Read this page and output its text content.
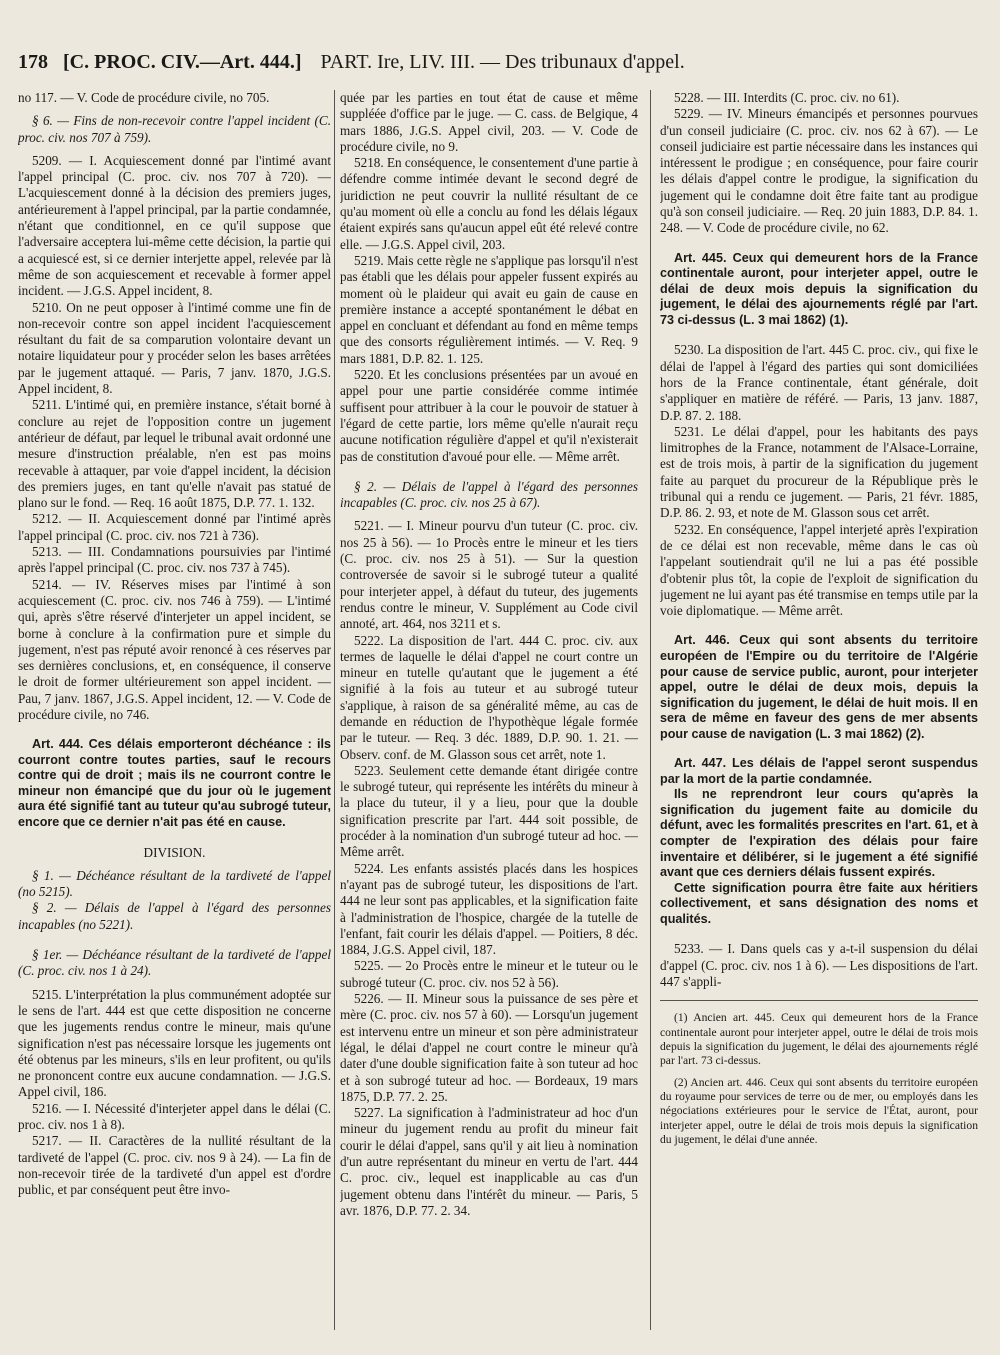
178 [C. PROC. CIV.—Art. 444.] PART. Ire, LIV. III. — Des tribunaux d'appel.

no 117. — V. Code de procédure civile, no 705.

§ 6. — Fins de non-recevoir contre l'appel incident (C. proc. civ. nos 707 à 759).

5209. — I. Acquiescement donné par l'intimé avant l'appel principal (C. proc. civ. nos 707 à 720). — L'acquiescement donné à la décision des premiers juges, antérieurement à l'appel principal, par la partie condamnée, n'étant que conditionnel, en ce qu'il suppose que l'adversaire acceptera lui-même cette décision, la partie qui a acquiescé est, si ce dernier interjette appel, relevée par là même de son acquiescement et recevable à former appel incident. — J.G.S. Appel incident, 8.

5210. On ne peut opposer à l'intimé comme une fin de non-recevoir contre son appel incident l'acquiescement résultant du fait de sa comparution volontaire devant un notaire liquidateur pour y procéder selon les bases arrêtées par le jugement attaqué. — Paris, 7 janv. 1870, J.G.S. Appel incident, 8.

5211. L'intimé qui, en première instance, s'était borné à conclure au rejet de l'opposition contre un jugement antérieur de défaut, par lequel le tribunal avait ordonné une mesure d'instruction préalable, n'en est pas moins recevable à attaquer, par voie d'appel incident, la décision des premiers juges, en tant qu'elle n'avait pas statué de plano sur le fond. — Req. 16 août 1875, D.P. 77. 1. 132.

5212. — II. Acquiescement donné par l'intimé après l'appel principal (C. proc. civ. nos 721 à 736).

5213. — III. Condamnations poursuivies par l'intimé après l'appel principal (C. proc. civ. nos 737 à 745).

5214. — IV. Réserves mises par l'intimé à son acquiescement (C. proc. civ. nos 746 à 759). — L'intimé qui, après s'être réservé d'interjeter un appel incident, se borne à conclure à la confirmation pure et simple du jugement, n'est pas réputé avoir renoncé à ces réserves par ses dernières conclusions, et, en conséquence, il conserve le droit de former ultérieurement son appel incident. — Pau, 7 janv. 1867, J.G.S. Appel incident, 12. — V. Code de procédure civile, no 746.

Art. 444. Ces délais emporteront déchéance : ils courront contre toutes parties, sauf le recours contre qui de droit ; mais ils ne courront contre le mineur non émancipé que du jour où le jugement aura été signifié tant au tuteur qu'au subrogé tuteur, encore que ce dernier n'ait pas été en cause.

DIVISION.

§ 1. — Déchéance résultant de la tardiveté de l'appel (no 5215).

§ 2. — Délais de l'appel à l'égard des personnes incapables (no 5221).

§ 1er. — Déchéance résultant de la tardiveté de l'appel (C. proc. civ. nos 1 à 24).

5215. L'interprétation la plus communément adoptée sur le sens de l'art. 444 est que cette disposition ne concerne que les jugements rendus contre le mineur, mais qu'une signification n'est pas nécessaire lorsque les jugements ont été obtenus par les mineurs, s'ils en leur profitent, ou qu'ils ne prononcent contre eux aucune condamnation. — J.G.S. Appel civil, 186.

5216. — I. Nécessité d'interjeter appel dans le délai (C. proc. civ. nos 1 à 8).

5217. — II. Caractères de la nullité résultant de la tardiveté de l'appel (C. proc. civ. nos 9 à 24). — La fin de non-recevoir tirée de la tardiveté d'un appel est d'ordre public, et par conséquent peut être invo-

quée par les parties en tout état de cause et même suppléée d'office par le juge. — C. cass. de Belgique, 4 mars 1886, J.G.S. Appel civil, 203. — V. Code de procédure civile, no 9.

5218. En conséquence, le consentement d'une partie à défendre comme intimée devant le second degré de juridiction ne peut couvrir la nullité résultant de ce qu'au moment où elle a conclu au fond les délais légaux étaient expirés sans qu'aucun appel eût été relevé contre elle. — J.G.S. Appel civil, 203.

5219. Mais cette règle ne s'applique pas lorsqu'il n'est pas établi que les délais pour appeler fussent expirés au moment où le plaideur qui avait eu gain de cause en première instance a accepté spontanément le débat en appel en concluant et défendant au fond en même temps que des consorts régulièrement intimés. — V. Req. 9 mars 1881, D.P. 82. 1. 125.

5220. Et les conclusions présentées par un avoué en appel pour une partie considérée comme intimée suffisent pour attribuer à la cour le pouvoir de statuer à l'égard de cette partie, lors même qu'elle n'aurait reçu aucune notification régulière d'appel et qu'il n'existerait pas de constitution d'avoué pour elle. — Même arrêt.

§ 2. — Délais de l'appel à l'égard des personnes incapables (C. proc. civ. nos 25 à 67).

5221. — I. Mineur pourvu d'un tuteur (C. proc. civ. nos 25 à 56). — 1o Procès entre le mineur et les tiers (C. proc. civ. nos 25 à 51). — Sur la question controversée de savoir si le subrogé tuteur a qualité pour interjeter appel, à défaut du tuteur, des jugements rendus contre le mineur, V. Supplément au Code civil annoté, art. 464, nos 3211 et s.

5222. La disposition de l'art. 444 C. proc. civ. aux termes de laquelle le délai d'appel ne court contre un mineur en tutelle qu'autant que le jugement a été signifié à la fois au tuteur et au subrogé tuteur s'applique, à raison de sa généralité même, au cas de demande en réduction de l'hypothèque légale formée par le tuteur. — Req. 3 déc. 1889, D.P. 90. 1. 21. — Observ. conf. de M. Glasson sous cet arrêt, note 1.

5223. Seulement cette demande étant dirigée contre le subrogé tuteur, qui représente les intérêts du mineur à la place du tuteur, il y a lieu, pour que la double signification prescrite par l'art. 444 soit possible, de procéder à la nomination d'un subrogé tuteur ad hoc. — Même arrêt.

5224. Les enfants assistés placés dans les hospices n'ayant pas de subrogé tuteur, les dispositions de l'art. 444 ne leur sont pas applicables, et la signification faite à l'administration de l'hospice, chargée de la tutelle de l'enfant, fait courir les délais d'appel. — Poitiers, 8 déc. 1884, J.G.S. Appel civil, 187.

5225. — 2o Procès entre le mineur et le tuteur ou le subrogé tuteur (C. proc. civ. nos 52 à 56).

5226. — II. Mineur sous la puissance de ses père et mère (C. proc. civ. nos 57 à 60). — Lorsqu'un jugement est intervenu entre un mineur et son père administrateur légal, le délai d'appel ne court contre le mineur qu'à dater d'une double signification faite à son tuteur ad hoc et à son subrogé tuteur ad hoc. — Bordeaux, 19 mars 1875, D.P. 77. 2. 25.

5227. La signification à l'administrateur ad hoc d'un mineur du jugement rendu au profit du mineur fait courir le délai d'appel, sans qu'il y ait lieu à nomination d'un autre représentant du mineur en vertu de l'art. 444 C. proc. civ., lequel est inapplicable au cas d'un jugement obtenu dans l'intérêt du mineur. — Paris, 5 avr. 1876, D.P. 77. 2. 34.

5228. — III. Interdits (C. proc. civ. no 61).

5229. — IV. Mineurs émancipés et personnes pourvues d'un conseil judiciaire (C. proc. civ. nos 62 à 67). — Le conseil judiciaire est partie nécessaire dans les instances qui intéressent le prodigue ; en conséquence, pour faire courir les délais d'appel contre le prodigue, la signification du jugement qui le condamne doit être faite tant au prodigue qu'à son conseil judiciaire. — Req. 20 juin 1883, D.P. 84. 1. 248. — V. Code de procédure civile, no 62.

Art. 445. Ceux qui demeurent hors de la France continentale auront, pour interjeter appel, outre le délai de deux mois depuis la signification du jugement, le délai des ajournements réglé par l'art. 73 ci-dessus (L. 3 mai 1862) (1).

5230. La disposition de l'art. 445 C. proc. civ., qui fixe le délai de l'appel à l'égard des parties qui sont domiciliées hors de la France continentale, étant générale, doit s'appliquer en matière de référé. — Paris, 13 janv. 1887, D.P. 87. 2. 188.

5231. Le délai d'appel, pour les habitants des pays limitrophes de la France, notamment de l'Alsace-Lorraine, est de trois mois, à partir de la signification du jugement faite au parquet du procureur de la République près le tribunal qui a rendu ce jugement. — Paris, 21 févr. 1885, D.P. 86. 2. 93, et note de M. Glasson sous cet arrêt.

5232. En conséquence, l'appel interjeté après l'expiration de ce délai est non recevable, même dans le cas où l'appelant soutiendrait qu'il ne lui a pas été possible d'obtenir plus tôt, la copie de l'exploit de signification du jugement ne lui ayant pas été transmise en temps utile par la voie diplomatique. — Même arrêt.

Art. 446. Ceux qui sont absents du territoire européen de l'Empire ou du territoire de l'Algérie pour cause de service public, auront, pour interjeter appel, outre le délai de deux mois, depuis la signification du jugement, le délai de huit mois. Il en sera de même en faveur des gens de mer absents pour cause de navigation (L. 3 mai 1862) (2).

Art. 447. Les délais de l'appel seront suspendus par la mort de la partie condamnée.

Ils ne reprendront leur cours qu'après la signification du jugement faite au domicile du défunt, avec les formalités prescrites en l'art. 61, et à compter de l'expiration des délais pour faire inventaire et délibérer, si le jugement a été signifié avant que ces derniers délais fussent expirés.

Cette signification pourra être faite aux héritiers collectivement, et sans désignation des noms et qualités.

5233. — I. Dans quels cas y a-t-il suspension du délai d'appel (C. proc. civ. nos 1 à 6). — Les dispositions de l'art. 447 s'appli-

(1) Ancien art. 445. Ceux qui demeurent hors de la France continentale auront pour interjeter appel, outre le délai de trois mois depuis la signification du jugement, le délai des ajournements réglé par l'art. 73 ci-dessus.

(2) Ancien art. 446. Ceux qui sont absents du territoire européen du royaume pour services de terre ou de mer, ou employés dans les négociations extérieures pour le service de l'État, auront, pour interjeter appel, outre le délai de trois mois depuis la signification du jugement, le délai d'une année.
